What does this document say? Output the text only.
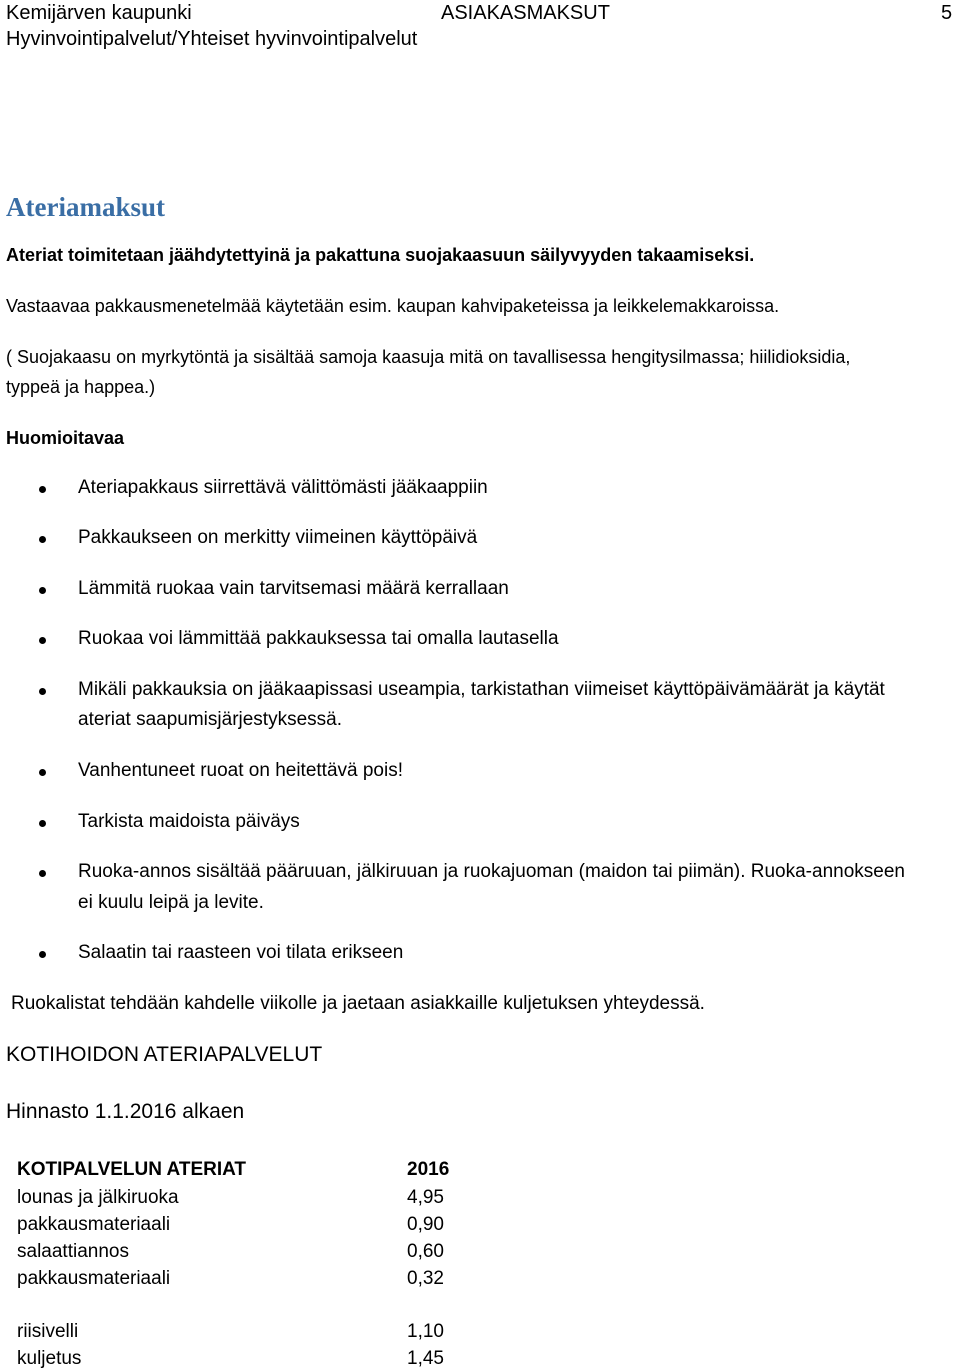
Kemijärven kaupunki	ASIAKASMAKSUT	5
Hyvinvointipalvelut/Yhteiset hyvinvointipalvelut
Ateriamaksut
Ateriat toimitetaan jäähdytettyinä ja pakattuna suojakaasuun säilyvyyden takaamiseksi.
Vastaavaa pakkausmenetelmää käytetään esim. kaupan kahvipaketeissa ja leikkelemakkaroissa.
( Suojakaasu on myrkytöntä ja sisältää samoja kaasuja mitä on tavallisessa hengitysilmassa; hiilidioksidia,
typpeä ja happea.)
Huomioitavaa
Ateriapakkaus siirrettävä välittömästi jääkaappiin
Pakkaukseen on merkitty viimeinen käyttöpäivä
Lämmitä ruokaa vain tarvitsemasi määrä kerrallaan
Ruokaa voi lämmittää pakkauksessa tai omalla lautasella
Mikäli pakkauksia on jääkaapissasi useampia, tarkistathan viimeiset käyttöpäivämäärät ja käytät
ateriat saapumisjärjestyksessä.
Vanhentuneet ruoat on heitettävä pois!
Tarkista maidoista päiväys
Ruoka-annos sisältää pääruuan, jälkiruuan ja ruokajuoman (maidon tai piimän). Ruoka-annokseen
ei kuulu leipä ja levite.
Salaatin tai raasteen voi tilata erikseen
Ruokalistat tehdään kahdelle viikolle ja jaetaan asiakkaille kuljetuksen yhteydessä.
KOTIHOIDON ATERIAPALVELUT
Hinnasto 1.1.2016 alkaen
KOTIPALVELUN ATERIAT	2016
lounas ja jälkiruoka	4,95
pakkausmateriaali	0,90
salaattiannos	0,60
pakkausmateriaali	0,32
riisivelli	1,10
kuljetus	1,45
